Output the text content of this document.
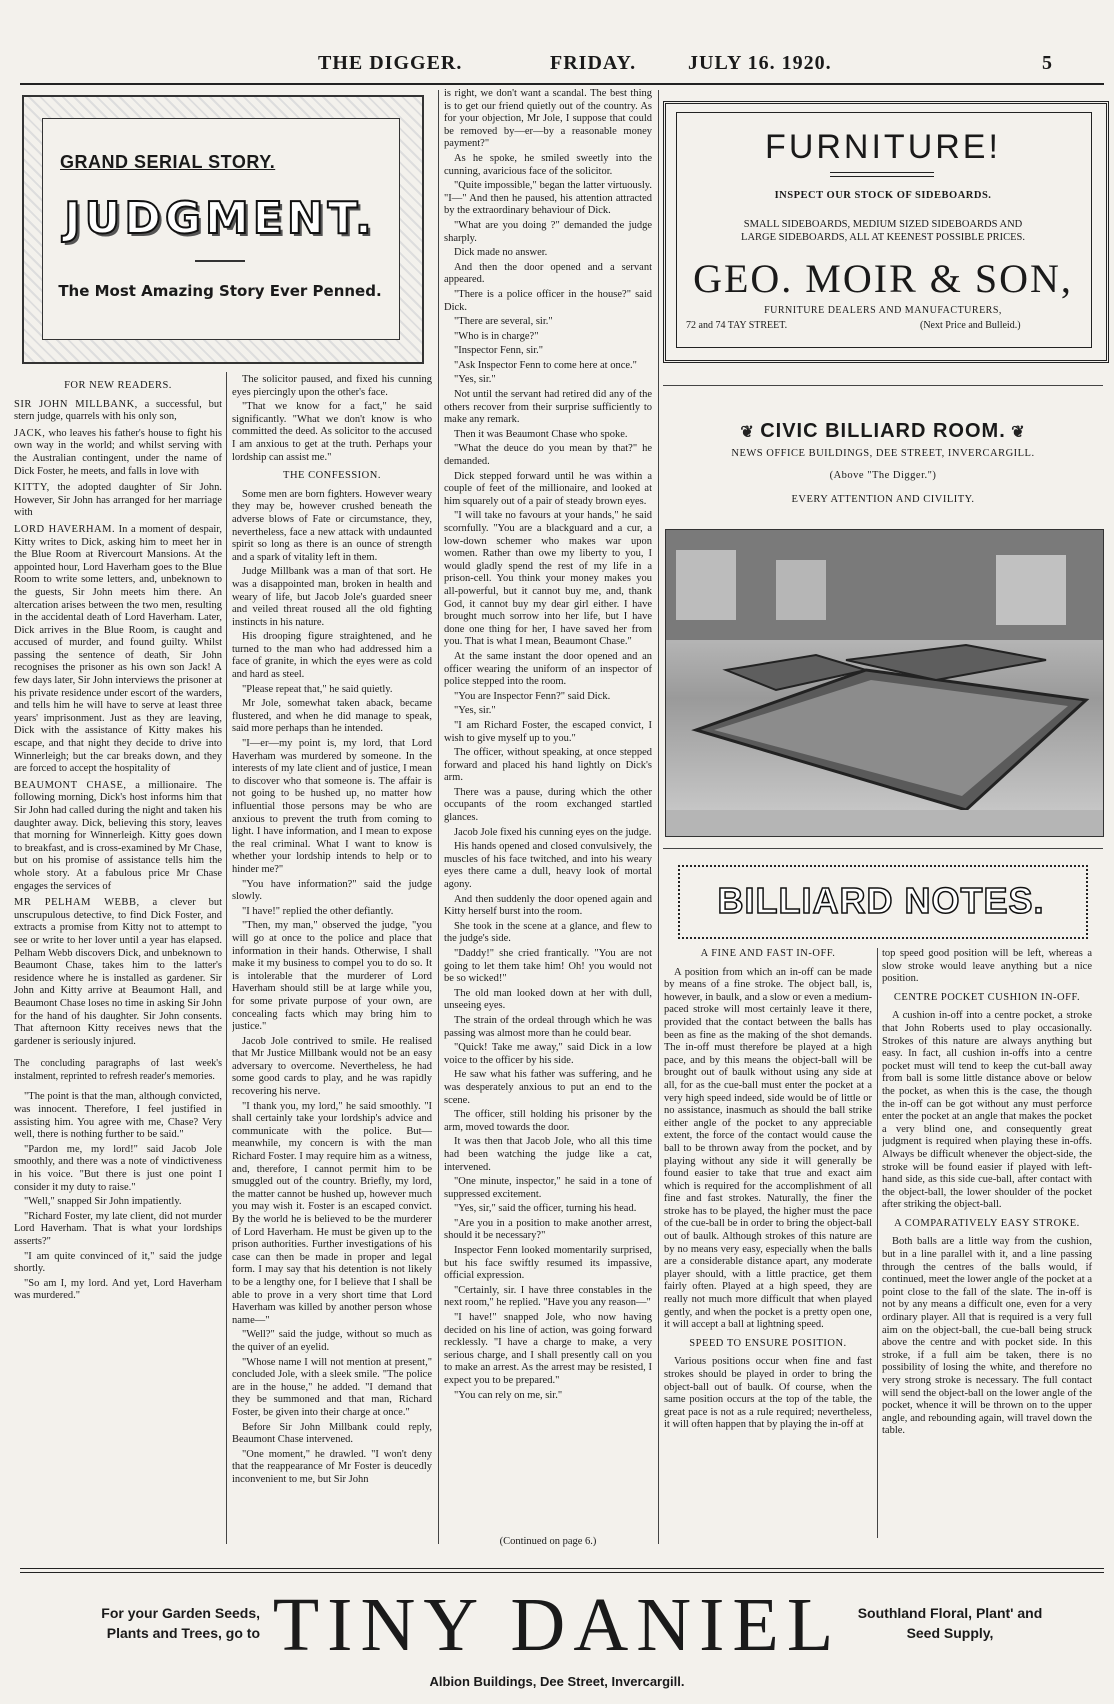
THE DIGGER.	FRIDAY.	JULY 16. 1920.	5
GRAND SERIAL STORY.
JUDGMENT.
The Most Amazing Story Ever Penned.

FOR NEW READERS.

SIR JOHN MILLBANK, a successful, but stern judge, quarrels with his only son,

JACK, who leaves his father's house to fight his own way in the world; and whilst serving with the Australian contingent, under the name of Dick Foster, he meets, and falls in love with

KITTY, the adopted daughter of Sir John. However, Sir John has arranged for her marriage with

LORD HAVERHAM. In a moment of despair, Kitty writes to Dick, asking him to meet her in the Blue Room at Rivercourt Mansions. At the appointed hour, Lord Haverham goes to the Blue Room to write some letters, and, unbeknown to the guests, Sir John meets him there. An altercation arises between the two men, resulting in the accidental death of Lord Haverham. Later, Dick arrives in the Blue Room, is caught and accused of murder, and found guilty. Whilst passing the sentence of death, Sir John recognises the prisoner as his own son Jack! A few days later, Sir John interviews the prisoner at his private residence under escort of the warders, and tells him he will have to serve at least three years' imprisonment. Just as they are leaving, Dick with the assistance of Kitty makes his escape, and that night they decide to drive into Winnerleigh; but the car breaks down, and they are forced to accept the hospitality of

BEAUMONT CHASE, a millionaire. The following morning, Dick's host informs him that Sir John had called during the night and taken his daughter away. Dick, believing this story, leaves that morning for Winnerleigh. Kitty goes down to breakfast, and is cross-examined by Mr Chase, but on his promise of assistance tells him the whole story. At a fabulous price Mr Chase engages the services of

MR PELHAM WEBB, a clever but unscrupulous detective, to find Dick Foster, and extracts a promise from Kitty not to attempt to see or write to her lover until a year has elapsed. Pelham Webb discovers Dick, and unbeknown to Beaumont Chase, takes him to the latter's residence where he is installed as gardener. Sir John and Kitty arrive at Beaumont Hall, and Beaumont Chase loses no time in asking Sir John for the hand of his daughter. Sir John consents. That afternoon Kitty receives news that the gardener is seriously injured.

The concluding paragraphs of last week's instalment, reprinted to refresh reader's memories.

"The point is that the man, although convicted, was innocent. Therefore, I feel justified in assisting him. You agree with me, Chase? Very well, there is nothing further to be said."

"Pardon me, my lord!" said Jacob Jole smoothly, and there was a note of vindictiveness in his voice. "But there is just one point I consider it my duty to raise."

"Well," snapped Sir John impatiently.

"Richard Foster, my late client, did not murder Lord Haverham. That is what your lordships asserts?"

"I am quite convinced of it," said the judge shortly.

"So am I, my lord. And yet, Lord Haverham was murdered."

The solicitor paused, and fixed his cunning eyes piercingly upon the other's face.

"That we know for a fact," he said significantly. "What we don't know is who committed the deed. As solicitor to the accused I am anxious to get at the truth. Perhaps your lordship can assist me."

THE CONFESSION.

Some men are born fighters. However weary they may be, however crushed beneath the adverse blows of Fate or circumstance, they, nevertheless, face a new attack with undaunted spirit so long as there is an ounce of strength and a spark of vitality left in them.

Judge Millbank was a man of that sort. He was a disappointed man, broken in health and weary of life, but Jacob Jole's guarded sneer and veiled threat roused all the old fighting instincts in his nature.

His drooping figure straightened, and he turned to the man who had addressed him a face of granite, in which the eyes were as cold and hard as steel.

"Please repeat that," he said quietly.

Mr Jole, somewhat taken aback, became flustered, and when he did manage to speak, said more perhaps than he intended.

"I—er—my point is, my lord, that Lord Haverham was murdered by someone. In the interests of my late client and of justice, I mean to discover who that someone is. The affair is not going to be hushed up, no matter how influential those persons may be who are anxious to prevent the truth from coming to light. I have information, and I mean to expose the real criminal. What I want to know is whether your lordship intends to help or to hinder me?"

"You have information?" said the judge slowly.

"I have!" replied the other defiantly.

"Then, my man," observed the judge, "you will go at once to the police and place that information in their hands. Otherwise, I shall make it my business to compel you to do so. It is intolerable that the murderer of Lord Haverham should still be at large while you, for some private purpose of your own, are concealing facts which may bring him to justice."

Jacob Jole contrived to smile. He realised that Mr Justice Millbank would not be an easy adversary to overcome. Nevertheless, he had some good cards to play, and he was rapidly recovering his nerve.

"I thank you, my lord," he said smoothly. "I shall certainly take your lordship's advice and communicate with the police. But—meanwhile, my concern is with the man Richard Foster. I may require him as a witness, and, therefore, I cannot permit him to be smuggled out of the country. Briefly, my lord, the matter cannot be hushed up, however much you may wish it. Foster is an escaped convict. By the world he is believed to be the murderer of Lord Haverham. He must be given up to the prison authorities. Further investigations of his case can then be made in proper and legal form. I may say that his detention is not likely to be a lengthy one, for I believe that I shall be able to prove in a very short time that Lord Haverham was killed by another person whose name—"

"Well?" said the judge, without so much as the quiver of an eyelid.

"Whose name I will not mention at present," concluded Jole, with a sleek smile. "The police are in the house," he added. "I demand that they be summoned and that man, Richard Foster, be given into their charge at once."

Before Sir John Millbank could reply, Beaumont Chase intervened.

"One moment," he drawled. "I won't deny that the reappearance of Mr Foster is deucedly inconvenient to me, but Sir John

is right, we don't want a scandal. The best thing is to get our friend quietly out of the country. As for your objection, Mr Jole, I suppose that could be removed by—er—by a reasonable money payment?"

As he spoke, he smiled sweetly into the cunning, avaricious face of the solicitor.

"Quite impossible," began the latter virtuously. "I—" And then he paused, his attention attracted by the extraordinary behaviour of Dick.

"What are you doing ?" demanded the judge sharply.

Dick made no answer.

And then the door opened and a servant appeared.

"There is a police officer in the house?" said Dick.

"There are several, sir."

"Who is in charge?"

"Inspector Fenn, sir."

"Ask Inspector Fenn to come here at once."

"Yes, sir."

Not until the servant had retired did any of the others recover from their surprise sufficiently to make any remark.

Then it was Beaumont Chase who spoke.

"What the deuce do you mean by that?" he demanded.

Dick stepped forward until he was within a couple of feet of the millionaire, and looked at him squarely out of a pair of steady brown eyes.

"I will take no favours at your hands," he said scornfully. "You are a blackguard and a cur, a low-down schemer who makes war upon women. Rather than owe my liberty to you, I would gladly spend the rest of my life in a prison-cell. You think your money makes you all-powerful, but it cannot buy me, and, thank God, it cannot buy my dear girl either. I have brought much sorrow into her life, but I have done one thing for her, I have saved her from you. That is what I mean, Beaumont Chase."

At the same instant the door opened and an officer wearing the uniform of an inspector of police stepped into the room.

"You are Inspector Fenn?" said Dick.

"Yes, sir."

"I am Richard Foster, the escaped convict, I wish to give myself up to you."

The officer, without speaking, at once stepped forward and placed his hand lightly on Dick's arm.

There was a pause, during which the other occupants of the room exchanged startled glances.

Jacob Jole fixed his cunning eyes on the judge.

His hands opened and closed convulsively, the muscles of his face twitched, and into his weary eyes there came a dull, heavy look of mortal agony.

And then suddenly the door opened again and Kitty herself burst into the room.

She took in the scene at a glance, and flew to the judge's side.

"Daddy!" she cried frantically. "You are not going to let them take him! Oh! you would not be so wicked!"

The old man looked down at her with dull, unseeing eyes.

The strain of the ordeal through which he was passing was almost more than he could bear.

"Quick! Take me away," said Dick in a low voice to the officer by his side.

He saw what his father was suffering, and he was desperately anxious to put an end to the scene.

The officer, still holding his prisoner by the arm, moved towards the door.

It was then that Jacob Jole, who all this time had been watching the judge like a cat, intervened.

"One minute, inspector," he said in a tone of suppressed excitement.

"Yes, sir," said the officer, turning his head.

"Are you in a position to make another arrest, should it be necessary?"

Inspector Fenn looked momentarily surprised, but his face swiftly resumed its impassive, official expression.

"Certainly, sir. I have three constables in the next room," he replied. "Have you any reason—"

"I have!" snapped Jole, who now having decided on his line of action, was going forward recklessly. "I have a charge to make, a very serious charge, and I shall presently call on you to make an arrest. As the arrest may be resisted, I expect you to be prepared."

"You can rely on me, sir."

(Continued on page 6.)
FURNITURE!
INSPECT OUR STOCK OF SIDEBOARDS.
SMALL SIDEBOARDS, MEDIUM SIZED SIDEBOARDS AND
LARGE SIDEBOARDS, ALL AT KEENEST POSSIBLE PRICES.
GEO. MOIR & SON,
FURNITURE DEALERS AND MANUFACTURERS,
72 and 74 TAY STREET.	(Next Price and Bulleid.)
❦ CIVIC BILLIARD ROOM. ❦
NEWS OFFICE BUILDINGS, DEE STREET, INVERCARGILL.
(Above "The Digger.")
EVERY ATTENTION AND CIVILITY.
BILLIARD NOTES.

A FINE AND FAST IN-OFF.

A position from which an in-off can be made by means of a fine stroke. The object ball, is, however, in baulk, and a slow or even a medium-paced stroke will most certainly leave it there, provided that the contact between the balls has been as fine as the making of the shot demands. The in-off must therefore be played at a high pace, and by this means the object-ball will be brought out of baulk without using any side at all, for as the cue-ball must enter the pocket at a very high speed indeed, side would be of little or no assistance, inasmuch as should the ball strike either angle of the pocket to any appreciable extent, the force of the contact would cause the ball to be thrown away from the pocket, and by playing without any side it will generally be found easier to take that true and exact aim which is required for the accomplishment of all fine and fast strokes. Naturally, the finer the stroke has to be played, the higher must the pace of the cue-ball be in order to bring the object-ball out of baulk. Although strokes of this nature are by no means very easy, especially when the balls are a considerable distance apart, any moderate player should, with a little practice, get them fairly often. Played at a high speed, they are really not much more difficult that when played gently, and when the pocket is a pretty open one, it will accept a ball at lightning speed.

SPEED TO ENSURE POSITION.

Various positions occur when fine and fast strokes should be played in order to bring the object-ball out of baulk. Of course, when the same position occurs at the top of the table, the great pace is not as a rule required; nevertheless, it will often happen that by playing the in-off at

top speed good position will be left, whereas a slow stroke would leave anything but a nice position.

CENTRE POCKET CUSHION IN-OFF.

A cushion in-off into a centre pocket, a stroke that John Roberts used to play occasionally. Strokes of this nature are always anything but easy. In fact, all cushion in-offs into a centre pocket must will tend to keep the cut-ball away from ball is some little distance above or below the pocket, as when this is the case, the though the in-off can be got without any must perforce enter the pocket at an angle that makes the pocket a very blind one, and consequently great judgment is required when playing these in-offs. Always be difficult whenever the object-side, the stroke will be found easier if played with left-hand side, as this side cue-ball, after contact with the object-ball, the lower shoulder of the pocket after striking the object-ball.

A COMPARATIVELY EASY STROKE.

Both balls are a little way from the cushion, but in a line parallel with it, and a line passing through the centres of the balls would, if continued, meet the lower angle of the pocket at a point close to the fall of the slate. The in-off is not by any means a difficult one, even for a very ordinary player. All that is required is a very full aim on the object-ball, the cue-ball being struck above the centre and with pocket side. In this stroke, if a full aim be taken, there is no possibility of losing the white, and therefore no very strong stroke is necessary. The full contact will send the object-ball on the lower angle of the pocket, whence it will be thrown on to the upper angle, and rebounding again, will travel down the table.

For your Garden Seeds, Plants and Trees, go to TINY DANIEL	Southland Floral, Plant' and Seed Supply,
Albion Buildings, Dee Street, Invercargill.
